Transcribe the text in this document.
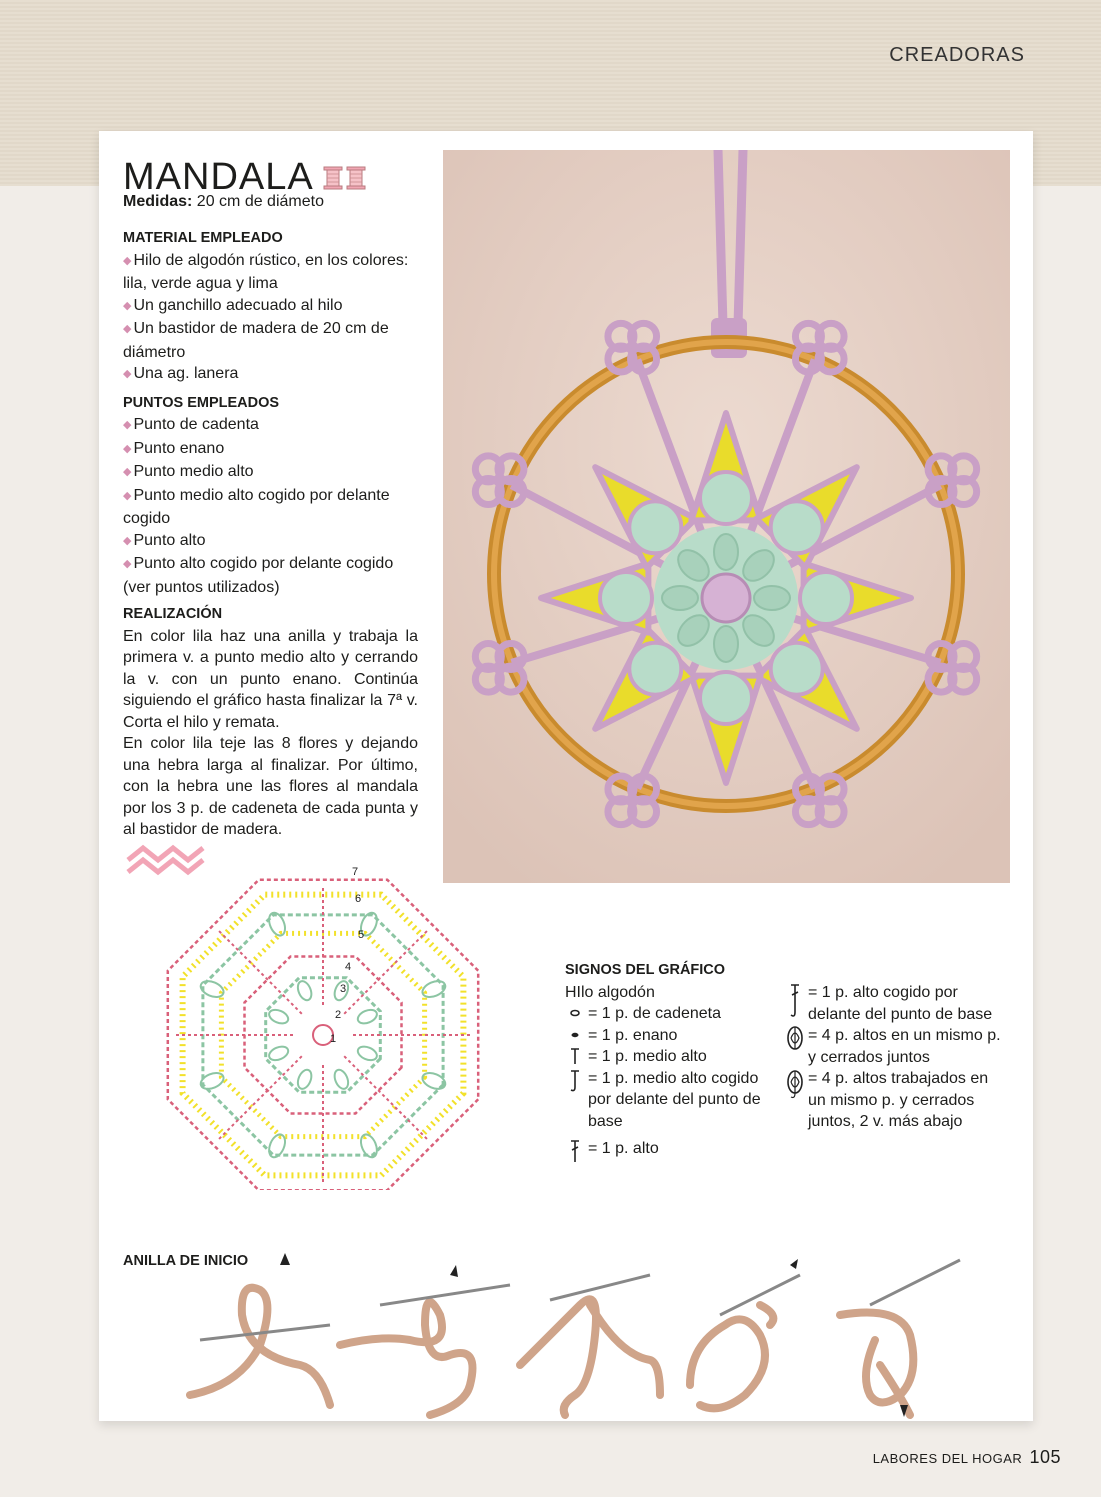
CREADORAS
MANDALA
Medidas: 20 cm de diámeto
MATERIAL EMPLEADO
◆ Hilo de algodón rústico, en los colores: lila, verde agua y lima
◆ Un ganchillo adecuado al hilo
◆ Un bastidor de madera de 20 cm de diámetro
◆ Una ag. lanera
PUNTOS EMPLEADOS
◆ Punto de cadenta
◆ Punto enano
◆ Punto medio alto
◆ Punto medio alto cogido por delante cogido
◆ Punto alto
◆ Punto alto cogido por delante cogido (ver puntos utilizados)
REALIZACIÓN

En color lila haz una anilla y trabaja la primera v. a punto medio alto y cerrando la v. con un punto enano. Continúa siguiendo el gráfico hasta finalizar la 7ª v. Corta el hilo y remata.

En color lila teje las 8 flores y dejando una hebra larga al finalizar. Por último, con la hebra une las flores al mandala por los 3 p. de cadeneta de cada punta y al bastidor de madera.

1
2
3
4
5
6
7
SIGNOS DEL GRÁFICO
HIlo algodón
= 1 p. de cadeneta
= 1 p. enano
= 1 p. medio alto
= 1 p. medio alto cogido por delante del punto de base
= 1 p. alto
= 1 p. alto cogido por delante del punto de base
= 4 p. altos en un mismo p. y cerrados juntos
= 4 p. altos trabajados en un mismo p. y cerrados juntos, 2 v. más abajo
ANILLA DE INICIO
LABORES DEL HOGAR 105
